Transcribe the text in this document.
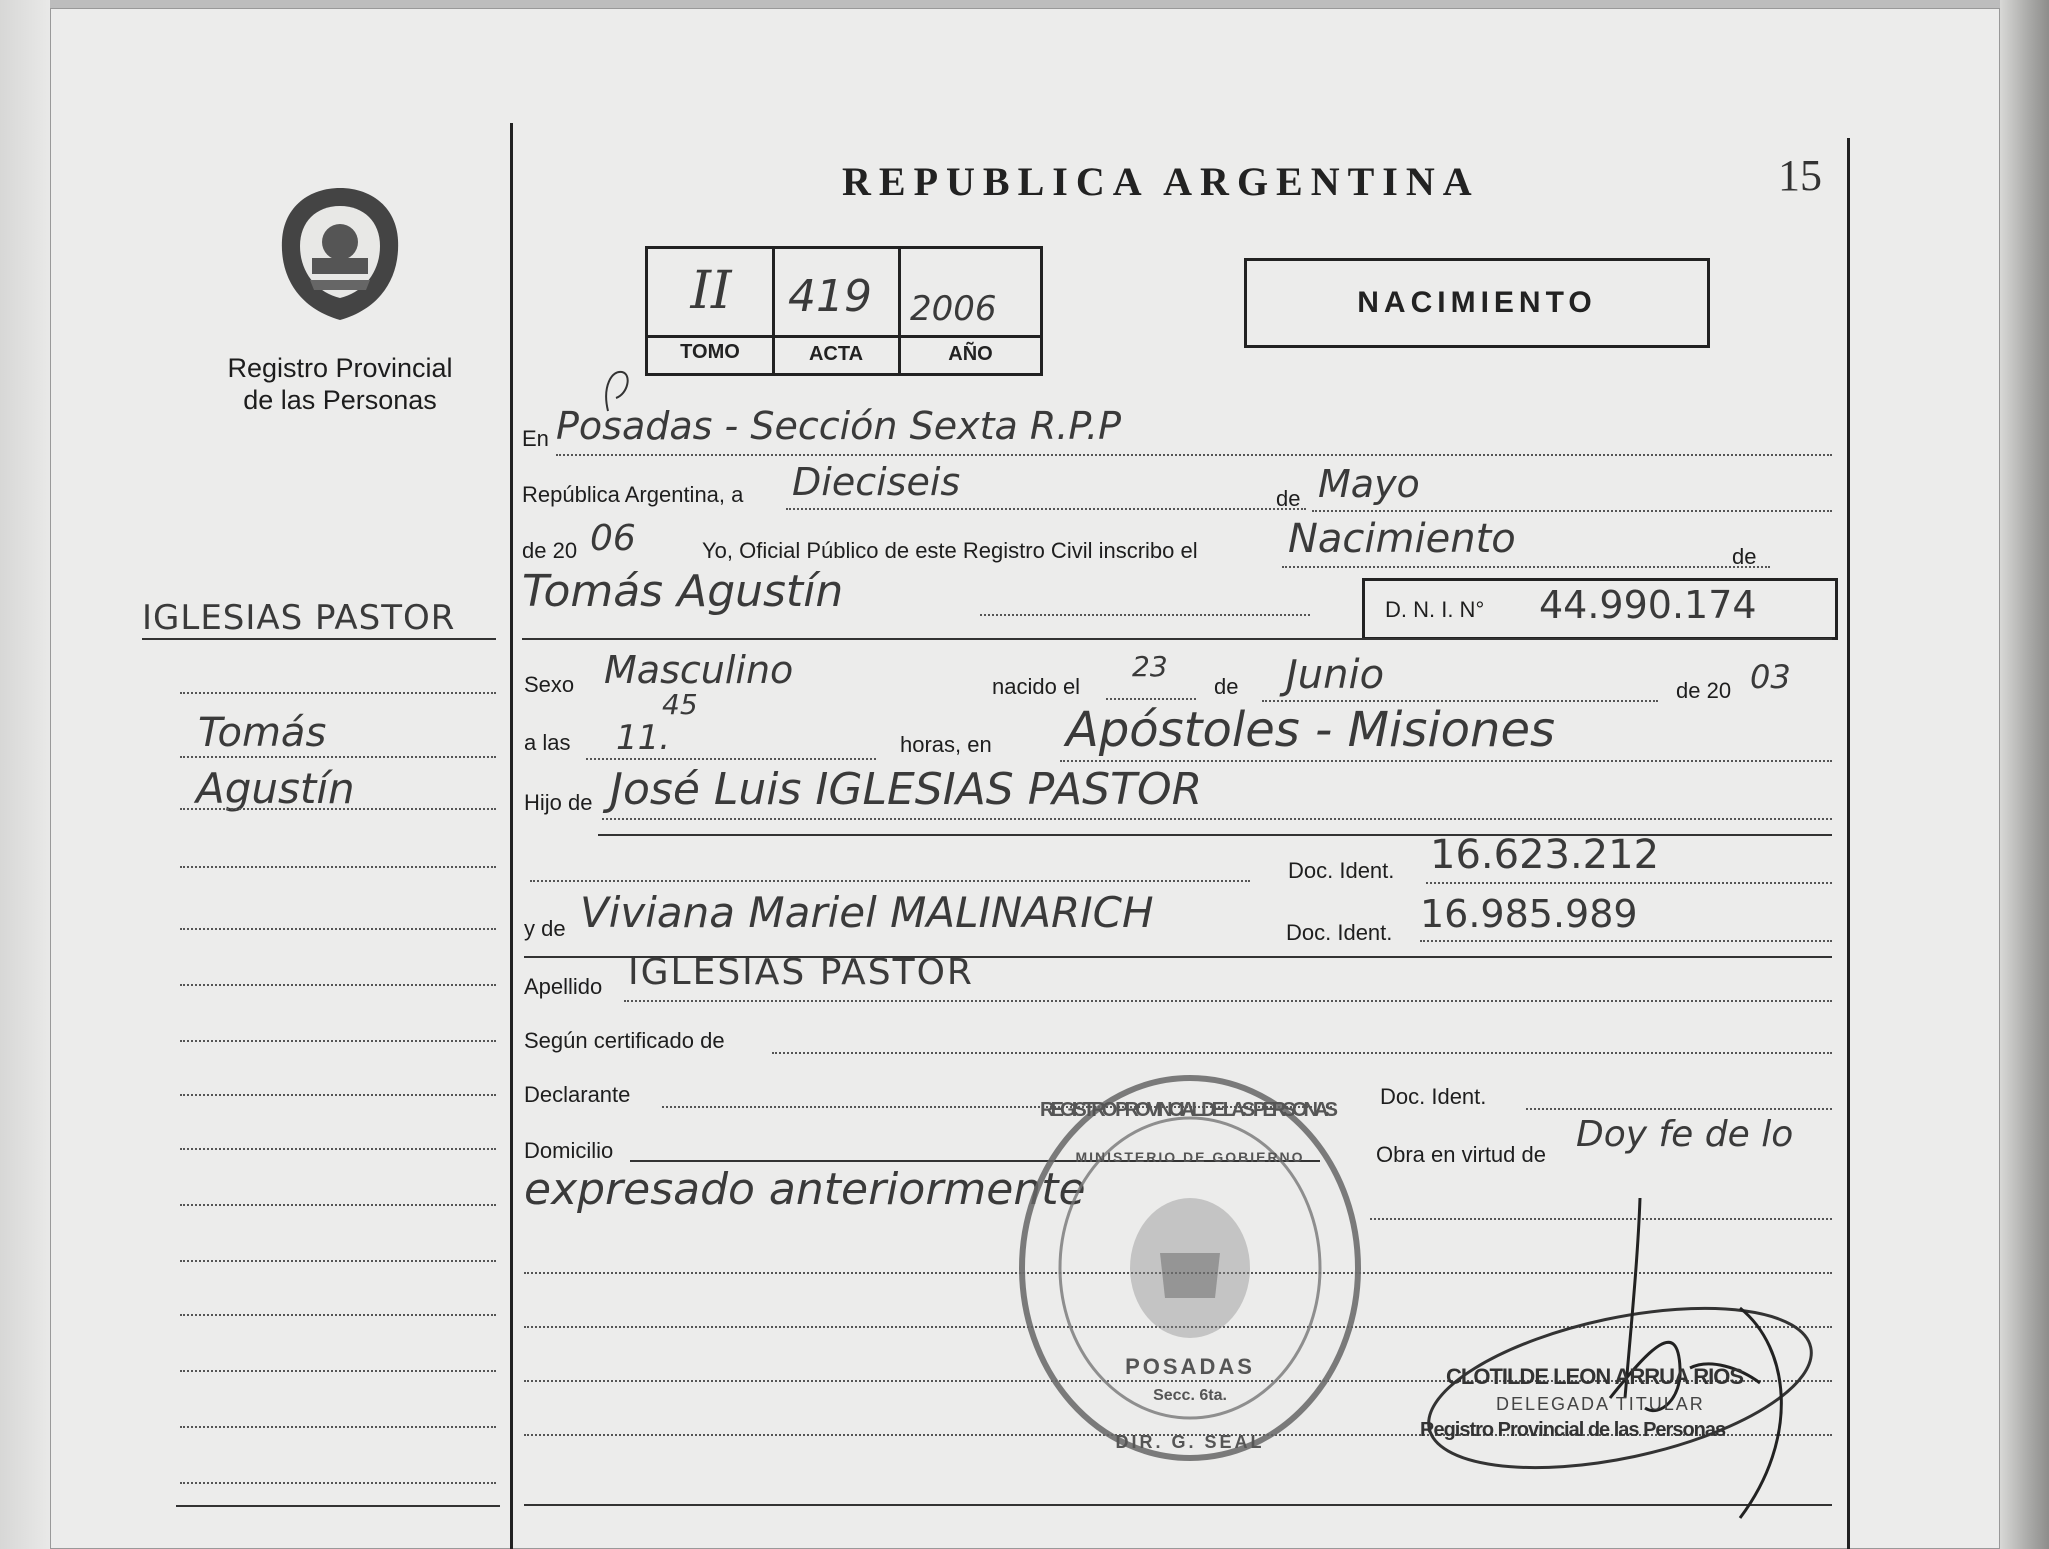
Registro Provincial
de las Personas
REPUBLICA ARGENTINA	15
II	419 2006
TOMO	ACTA	AÑO
NACIMIENTO
IGLESIAS PASTOR
Tomás
Agustín
En Posadas - Sección Sexta R.P.P
República Argentina, a Dieciseis	de Mayo
de 20 06	Yo, Oficial Público de este Registro Civil inscribo el Nacimiento	de
Tomás Agustín	D. N. I. N° 44.990.174
Sexo Masculino	nacido el
23
de Junio	de 20 03
a las 11.
45
horas, en Apóstoles - Misiones
Hijo de José Luis IGLESIAS PASTOR
Doc. Ident. 16.623.212
y de Viviana Mariel MALINARICH	Doc. Ident. 16.985.989
Apellido IGLESIAS PASTOR
Según certificado de
Declarante	Doc. Ident.
Domicilio	Obra en virtud de Doy fe de lo
expresado anteriormente
POSADAS
Secc. 6ta.
REGISTRO PROVINCIAL DE LAS PERSONAS
MINISTERIO DE GOBIERNO
DIR. G. SEAL
CLOTILDE LEON ARRUA RIOS
DELEGADA TITULAR
Registro Provincial de las Personas
